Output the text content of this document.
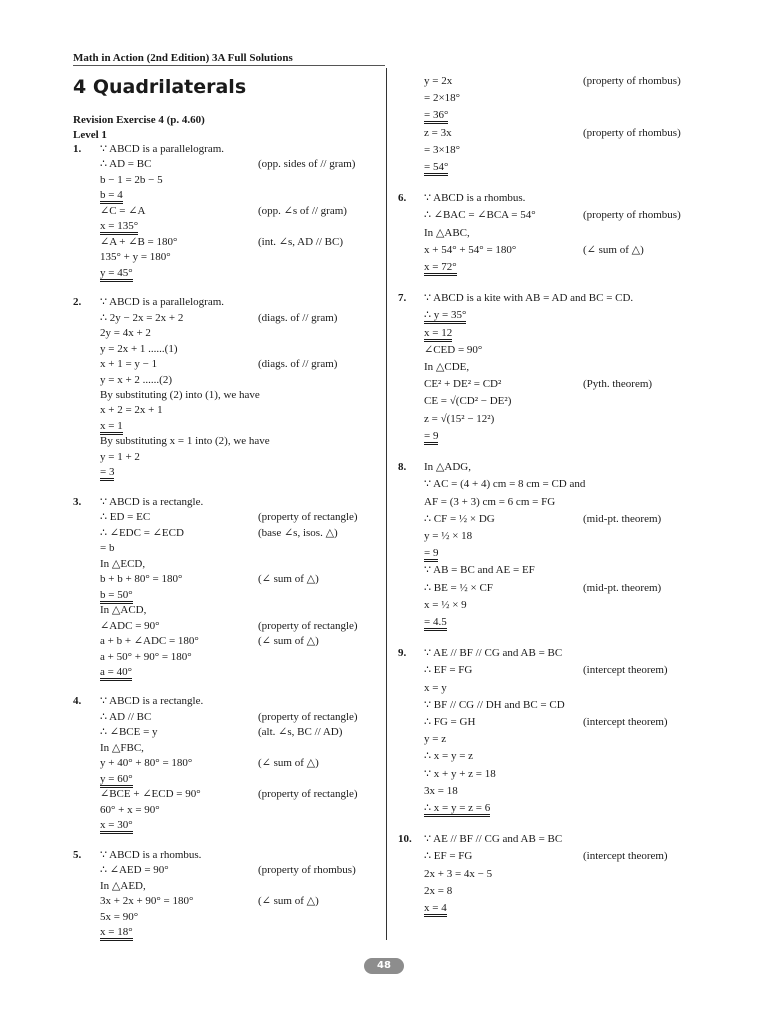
Math in Action (2nd Edition) 3A Full Solutions
4 Quadrilaterals
Revision Exercise 4 (p. 4.60)
Level 1
1. ∵ ABCD is a parallelogram.
∴ AD = BC	(opp. sides of // gram)
b − 1 = 2b − 5
b = 4
∠C = ∠A	(opp. ∠s of // gram)
x = 135°
∠A + ∠B = 180°	(int. ∠s, AD // BC)
135° + y = 180°
y = 45°
2. ∵ ABCD is a parallelogram.
∴ 2y − 2x = 2x + 2	(diags. of // gram)
2y = 4x + 2
y = 2x + 1 ......(1)
x + 1 = y − 1	(diags. of // gram)
y = x + 2 ......(2)
By substituting (2) into (1), we have
x + 2 = 2x + 1
x = 1
By substituting x = 1 into (2), we have
y = 1 + 2
= 3
3. ∵ ABCD is a rectangle.
∴ ED = EC	(property of rectangle)
∴ ∠EDC = ∠ECD	(base ∠s, isos. △)
= b
In △ECD,
b + b + 80° = 180°	(∠ sum of △)
b = 50°
In △ACD,
∠ADC = 90°	(property of rectangle)
a + b + ∠ADC = 180°	(∠ sum of △)
a + 50° + 90° = 180°
a = 40°
4. ∵ ABCD is a rectangle.
∴ AD // BC	(property of rectangle)
∴ ∠BCE = y	(alt. ∠s, BC // AD)
In △FBC,
y + 40° + 80° = 180°	(∠ sum of △)
y = 60°
∠BCE + ∠ECD = 90°	(property of rectangle)
60° + x = 90°
x = 30°
5. ∵ ABCD is a rhombus.
∴ ∠AED = 90°	(property of rhombus)
In △AED,
3x + 2x + 90° = 180°	(∠ sum of △)
5x = 90°
x = 18°
y = 2x	(property of rhombus)
= 2×18°
= 36°
z = 3x	(property of rhombus)
= 3×18°
= 54°
6. ∵ ABCD is a rhombus.
∴ ∠BAC = ∠BCA = 54°	(property of rhombus)
In △ABC,
x + 54° + 54° = 180°	(∠ sum of △)
x = 72°
7. ∵ ABCD is a kite with AB = AD and BC = CD.
∴ y = 35°
x = 12
∠CED = 90°
In △CDE,
CE² + DE² = CD²	(Pyth. theorem)
CE = √(CD² − DE²)
z = √(15² − 12²)
= 9
8. In △ADG,
∵ AC = (4 + 4) cm = 8 cm = CD and
AF = (3 + 3) cm = 6 cm = FG
∴ CF = ½ × DG	(mid-pt. theorem)
y = ½ × 18
= 9
∵ AB = BC and AE = EF
∴ BE = ½ × CF	(mid-pt. theorem)
x = ½ × 9
= 4.5
9. ∵ AE // BF // CG and AB = BC
∴ EF = FG	(intercept theorem)
x = y
∵ BF // CG // DH and BC = CD
∴ FG = GH	(intercept theorem)
y = z
∴ x = y = z
∵ x + y + z = 18
3x = 18
∴ x = y = z = 6
10. ∵ AE // BF // CG and AB = BC
∴ EF = FG	(intercept theorem)
2x + 3 = 4x − 5
2x = 8
x = 4
48
